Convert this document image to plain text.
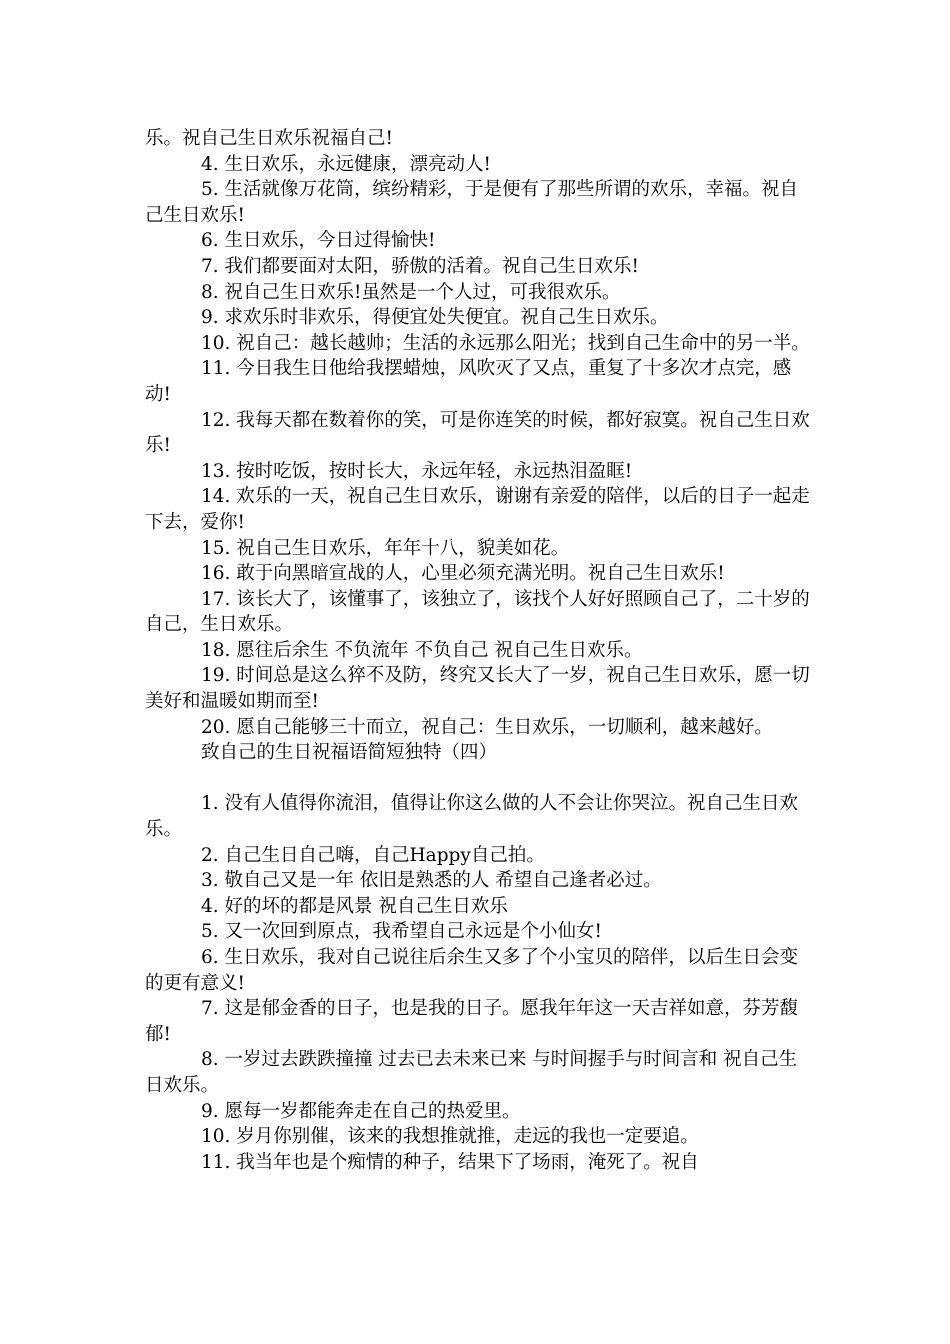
乐。祝自己生日欢乐祝福自己!

4. 生日欢乐，永远健康，漂亮动人!

5. 生活就像万花筒，缤纷精彩，于是便有了那些所谓的欢乐，幸福。祝自己生日欢乐!

6. 生日欢乐，今日过得愉快!

7. 我们都要面对太阳，骄傲的活着。祝自己生日欢乐!

8. 祝自己生日欢乐!虽然是一个人过，可我很欢乐。

9. 求欢乐时非欢乐，得便宜处失便宜。祝自己生日欢乐。

10. 祝自己：越长越帅；生活的永远那么阳光；找到自己生命中的另一半。

11. 今日我生日他给我摆蜡烛，风吹灭了又点，重复了十多次才点完，感动!

12. 我每天都在数着你的笑，可是你连笑的时候，都好寂寞。祝自己生日欢乐!

13. 按时吃饭，按时长大，永远年轻，永远热泪盈眶!

14. 欢乐的一天，祝自己生日欢乐，谢谢有亲爱的陪伴，以后的日子一起走下去，爱你!

15. 祝自己生日欢乐，年年十八，貌美如花。

16. 敢于向黑暗宣战的人，心里必须充满光明。祝自己生日欢乐!

17. 该长大了，该懂事了，该独立了，该找个人好好照顾自己了，二十岁的自己，生日欢乐。

18. 愿往后余生 不负流年 不负自己 祝自己生日欢乐。

19. 时间总是这么猝不及防，终究又长大了一岁，祝自己生日欢乐，愿一切美好和温暖如期而至!

20. 愿自己能够三十而立，祝自己：生日欢乐，一切顺利，越来越好。

致自己的生日祝福语简短独特（四）

1. 没有人值得你流泪，值得让你这么做的人不会让你哭泣。祝自己生日欢乐。

2. 自己生日自己嗨，自己Happy自己拍。

3. 敬自己又是一年 依旧是熟悉的人 希望自己逢者必过。

4. 好的坏的都是风景 祝自己生日欢乐

5. 又一次回到原点，我希望自己永远是个小仙女!

6. 生日欢乐，我对自己说往后余生又多了个小宝贝的陪伴，以后生日会变的更有意义!

7. 这是郁金香的日子，也是我的日子。愿我年年这一天吉祥如意，芬芳馥郁!

8. 一岁过去跌跌撞撞 过去已去未来已来 与时间握手与时间言和 祝自己生日欢乐。

9. 愿每一岁都能奔走在自己的热爱里。

10. 岁月你别催，该来的我想推就推，走远的我也一定要追。

11. 我当年也是个痴情的种子，结果下了场雨，淹死了。祝自
